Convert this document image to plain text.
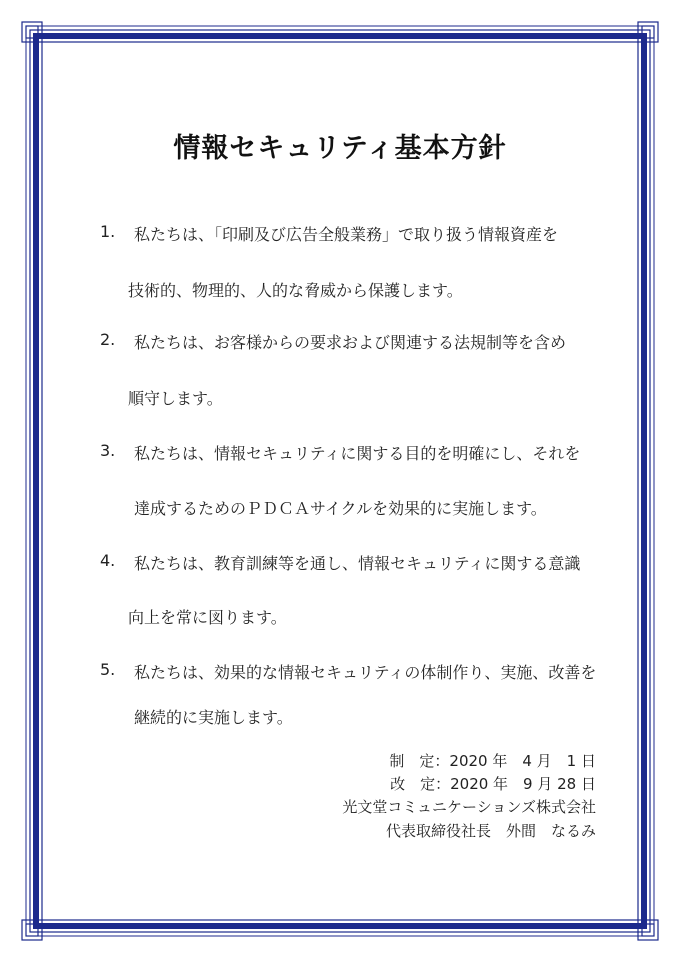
情報セキュリティ基本方針
1. 私たちは、「印刷及び広告全般業務」で取り扱う情報資産を
技術的、物理的、人的な脅威から保護します。
2. 私たちは、お客様からの要求および関連する法規制等を含め
順守します。
3. 私たちは、情報セキュリティに関する目的を明確にし、それを
達成するためのＰＤＣＡサイクルを効果的に実施します。
4. 私たちは、教育訓練等を通し、情報セキュリティに関する意識
向上を常に図ります。
5. 私たちは、効果的な情報セキュリティの体制作り、実施、改善を
継続的に実施します。
制　定：2020 年　4 月　1 日
改　定：2020 年　9 月 28 日
光文堂コミュニケーションズ株式会社
代表取締役社長　外間　なるみ
